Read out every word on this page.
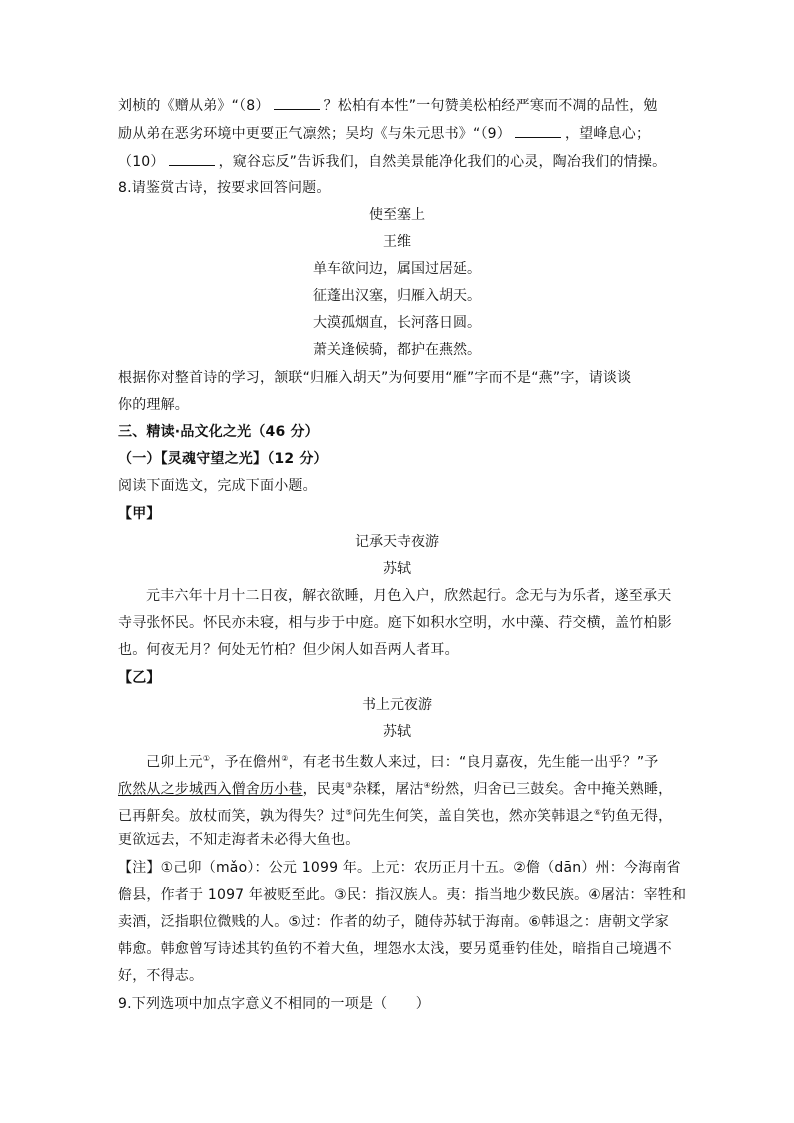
刘桢的《赠从弟》“（8）	？松柏有本性”一句赞美松柏经严寒而不凋的品性，勉
励从弟在恶劣环境中更要正气凛然；吴均《与朱元思书》“（9）	，望峰息心；
（10）	，窥谷忘反”告诉我们，自然美景能净化我们的心灵，陶冶我们的情操。
8.请鉴赏古诗，按要求回答问题。
使至塞上
王维
单车欲问边，属国过居延。
征蓬出汉塞，归雁入胡天。
大漠孤烟直，长河落日圆。
萧关逢候骑，都护在燕然。
根据你对整首诗的学习，颔联“归雁入胡天”为何要用“雁”字而不是“燕”字，请谈谈
你的理解。
三、精读·品文化之光（46 分）
（一）【灵魂守望之光】（12 分）
阅读下面选文，完成下面小题。
【甲】
记承天寺夜游
苏轼
元丰六年十月十二日夜，解衣欲睡，月色入户，欣然起行。念无与为乐者，遂至承天
寺寻张怀民。怀民亦未寝，相与步于中庭。庭下如积水空明，水中藻、荇交横，盖竹柏影
也。何夜无月？何处无竹柏？但少闲人如吾两人者耳。
【乙】
书上元夜游
苏轼
己卯上元①，予在儋州②，有老书生数人来过，曰：“良月嘉夜，先生能一出乎？”予
欣然从之步城西入僧舍历小巷，民夷③杂糅，屠沽④纷然，归舍已三鼓矣。舍中掩关熟睡，
已再鼾矣。放杖而笑，孰为得失？过⑤问先生何笑，盖自笑也，然亦笑韩退之⑥钓鱼无得，
更欲远去，不知走海者未必得大鱼也。
【注】①己卯（mǎo）：公元 1099 年。上元：农历正月十五。②儋（dān）州：今海南省
儋县，作者于 1097 年被贬至此。③民：指汉族人。夷：指当地少数民族。④屠沽：宰牲和
卖酒，泛指职位微贱的人。⑤过：作者的幼子，随侍苏轼于海南。⑥韩退之：唐朝文学家
韩愈。韩愈曾写诗述其钓鱼钓不着大鱼，埋怨水太浅，要另觅垂钓佳处，暗指自己境遇不
好，不得志。
9.下列选项中加点字意义不相同的一项是（　　）
